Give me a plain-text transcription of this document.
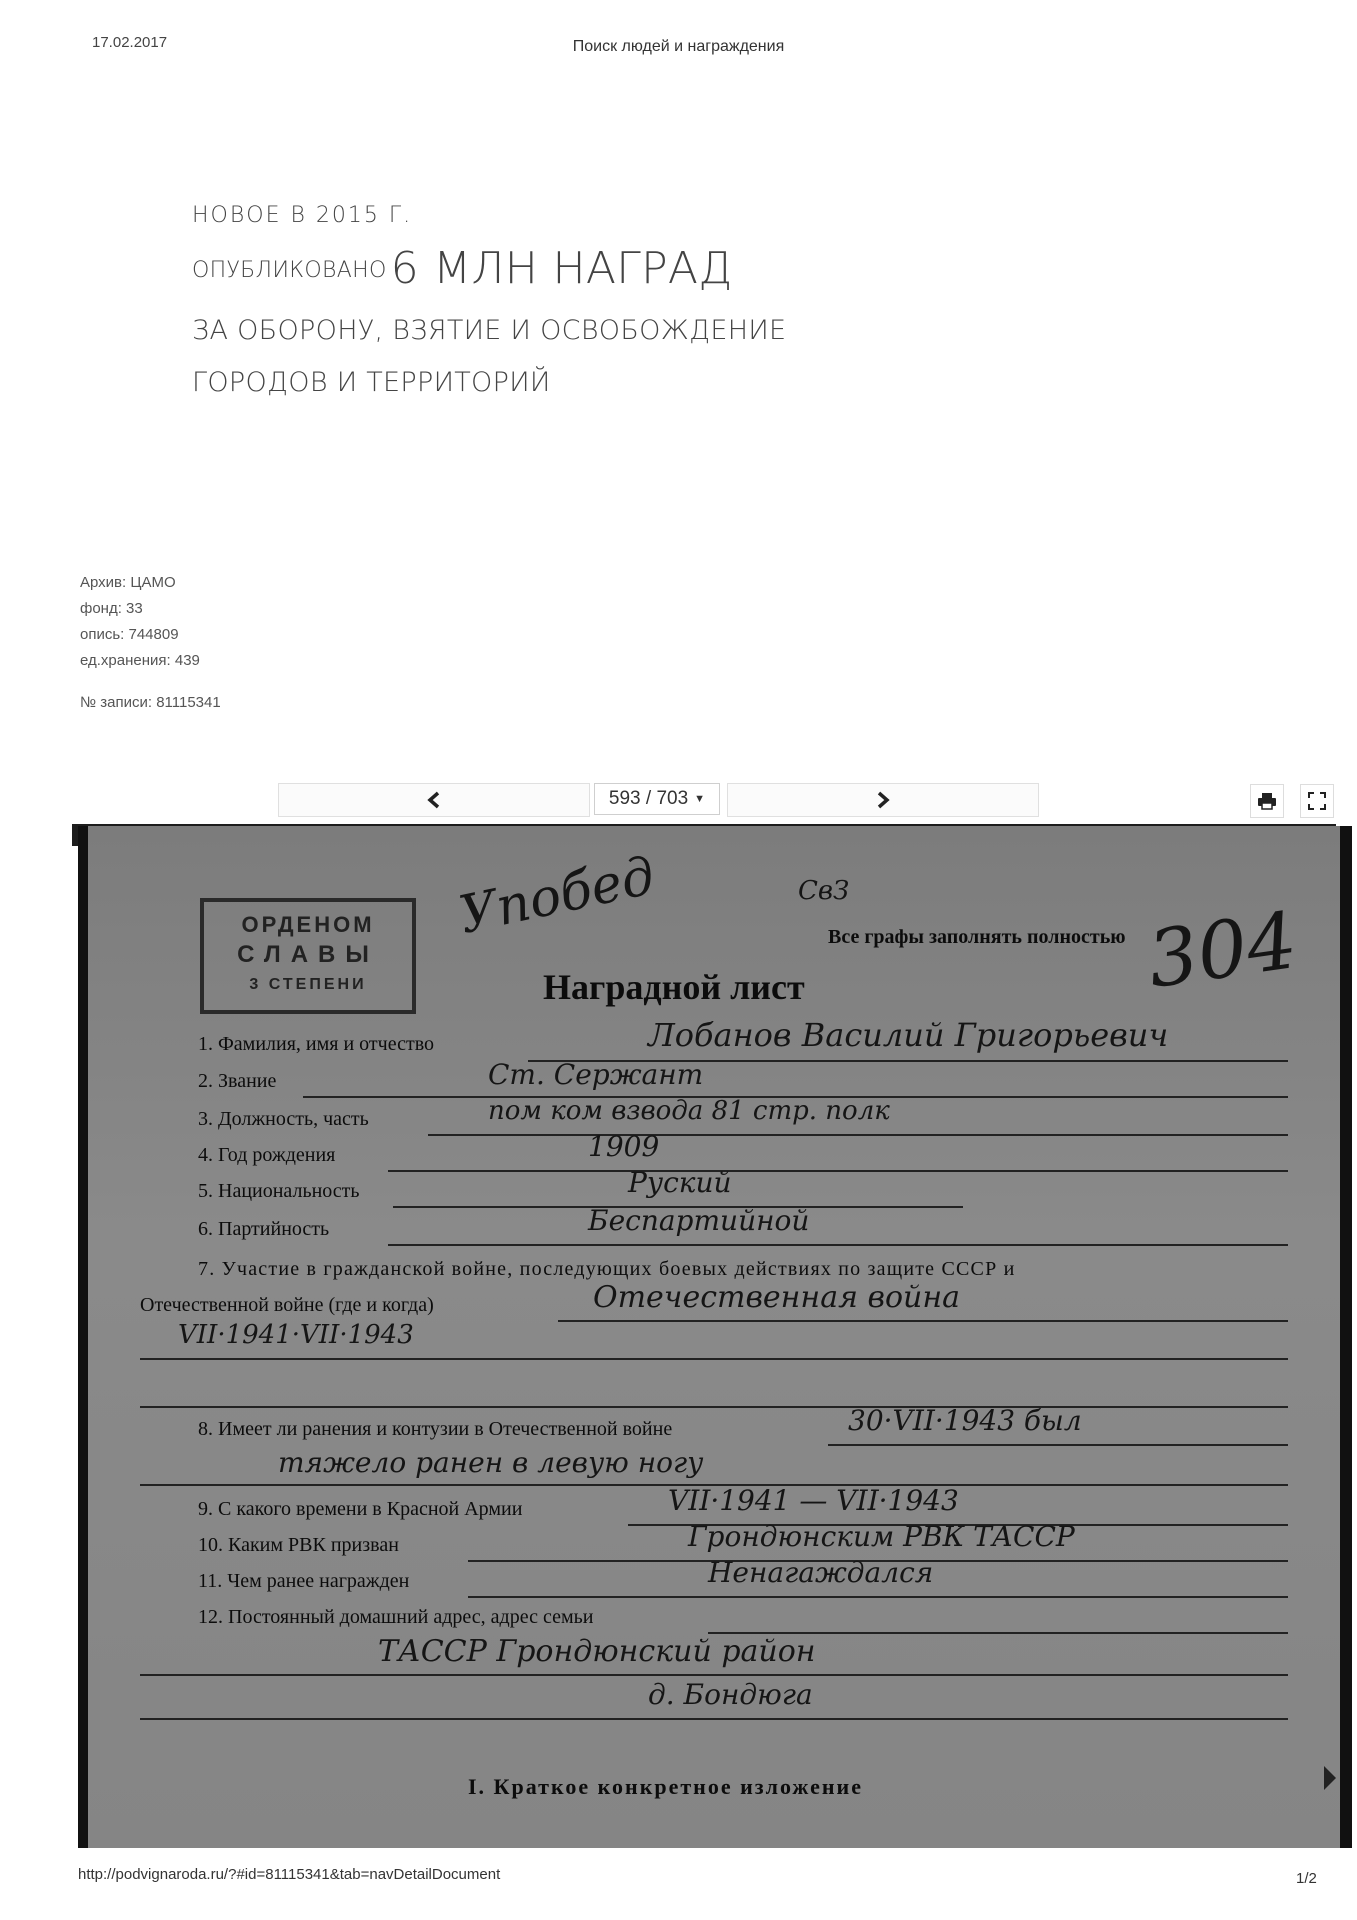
17.02.2017	Поиск людей и награждения
НОВОЕ В 2015 Г.
ОПУБЛИКОВАНО6 МЛН НАГРАД
ЗА ОБОРОНУ, ВЗЯТИЕ И ОСВОБОЖДЕНИЕ
ГОРОДОВ И ТЕРРИТОРИЙ
Архив: ЦАМО
фонд: 33
опись: 744809
ед.хранения: 439
№ записи: 81115341
593 / 703 ▼
ОРДЕНОМ
СЛАВЫ
3 СТЕПЕНИ
Упобед	СвЗ
304
Все графы заполнять полностью
Наградной лист
1. Фамилия, имя и отчество	Лобанов Василий Григорьевич
2. Звание	Ст. Сержант
3. Должность, часть	пом ком взвода 81 стр. полк
4. Год рождения	1909
5. Национальность	Руский
6. Партийность	Беспартийной
7. Участие в гражданской войне, последующих боевых действиях по защите СССР и
Отечественной войне (где и когда)	Отечественная война
VII·1941·VII·1943
8. Имеет ли ранения и контузии в Отечественной войне	30·VII·1943 был
тяжело ранен в левую ногу
9. С какого времени в Красной Армии	VII·1941 — VII·1943
10. Каким РВК призван	Грондюнским РВК ТАССР
11. Чем ранее награжден	Ненагаждался
12. Постоянный домашний адрес, адрес семьи
ТАССР Грондюнский район
д. Бондюга
I. Краткое конкретное изложение
http://podvignaroda.ru/?#id=81115341&tab=navDetailDocument	1/2
